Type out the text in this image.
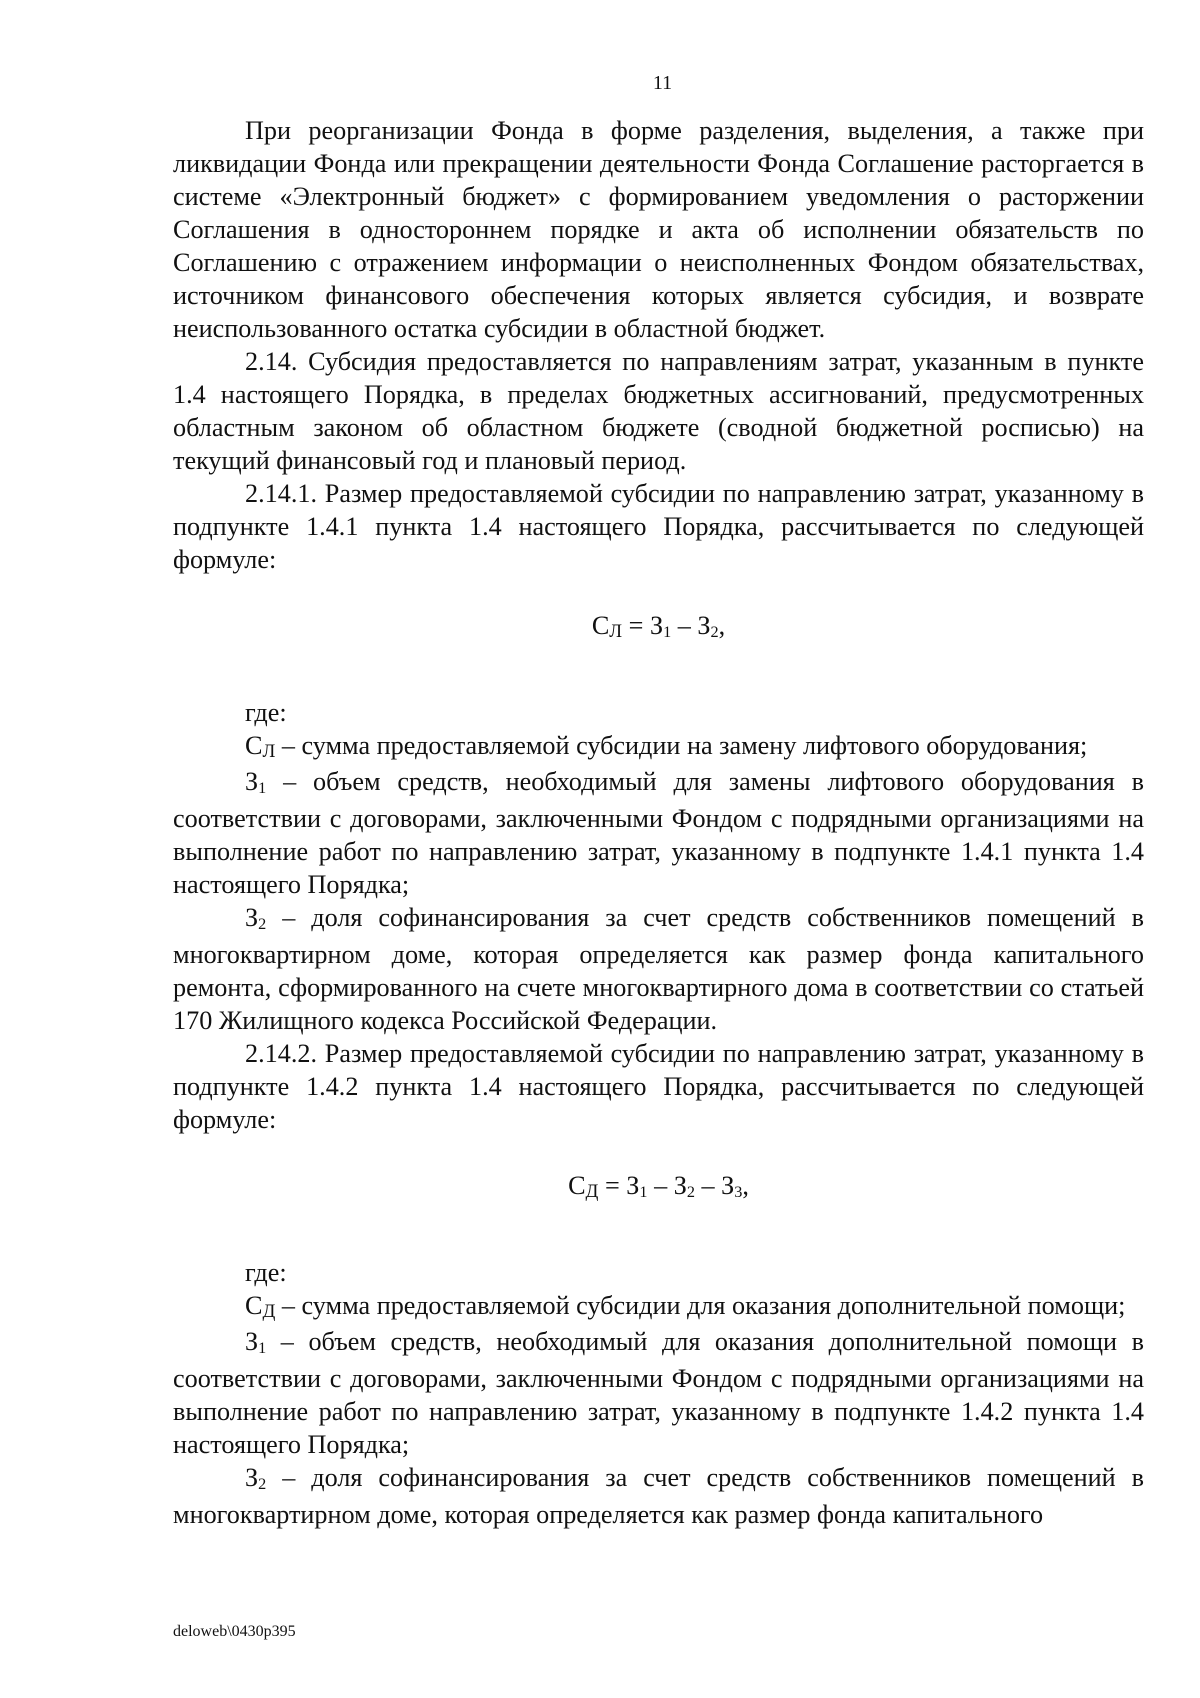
11

При реорганизации Фонда в форме разделения, выделения, а также при ликвидации Фонда или прекращении деятельности Фонда Соглашение расторгается в системе «Электронный бюджет» с формированием уведомления о расторжении Соглашения в одностороннем порядке и акта об исполнении обязательств по Соглашению с отражением информации о неисполненных Фондом обязательствах, источником финансового обеспечения которых является субсидия, и возврате неиспользованного остатка субсидии в областной бюджет.

2.14. Субсидия предоставляется по направлениям затрат, указанным в пункте 1.4 настоящего Порядка, в пределах бюджетных ассигнований, предусмотренных областным законом об областном бюджете (сводной бюджетной росписью) на текущий финансовый год и плановый период.

2.14.1. Размер предоставляемой субсидии по направлению затрат, указанному в подпункте 1.4.1 пункта 1.4 настоящего Порядка, рассчитывается по следующей формуле:

$С_Л = З_1 - З_2$,

где:

$С_Л$ – сумма предоставляемой субсидии на замену лифтового оборудования;

$З_1$ – объем средств, необходимый для замены лифтового оборудования в соответствии с договорами, заключенными Фондом с подрядными организациями на выполнение работ по направлению затрат, указанному в подпункте 1.4.1 пункта 1.4 настоящего Порядка;

$З_2$ – доля софинансирования за счет средств собственников помещений в многоквартирном доме, которая определяется как размер фонда капитального ремонта, сформированного на счете многоквартирного дома в соответствии со статьей 170 Жилищного кодекса Российской Федерации.

2.14.2. Размер предоставляемой субсидии по направлению затрат, указанному в подпункте 1.4.2 пункта 1.4 настоящего Порядка, рассчитывается по следующей формуле:

$С_Д = З_1 - З_2 - З_3$,

где:

$С_Д$ – сумма предоставляемой субсидии для оказания дополнительной помощи;

$З_1$ – объем средств, необходимый для оказания дополнительной помощи в соответствии с договорами, заключенными Фондом с подрядными организациями на выполнение работ по направлению затрат, указанному в подпункте 1.4.2 пункта 1.4 настоящего Порядка;

$З_2$ – доля софинансирования за счет средств собственников помещений в многоквартирном доме, которая определяется как размер фонда капитального

deloweb\0430p395
